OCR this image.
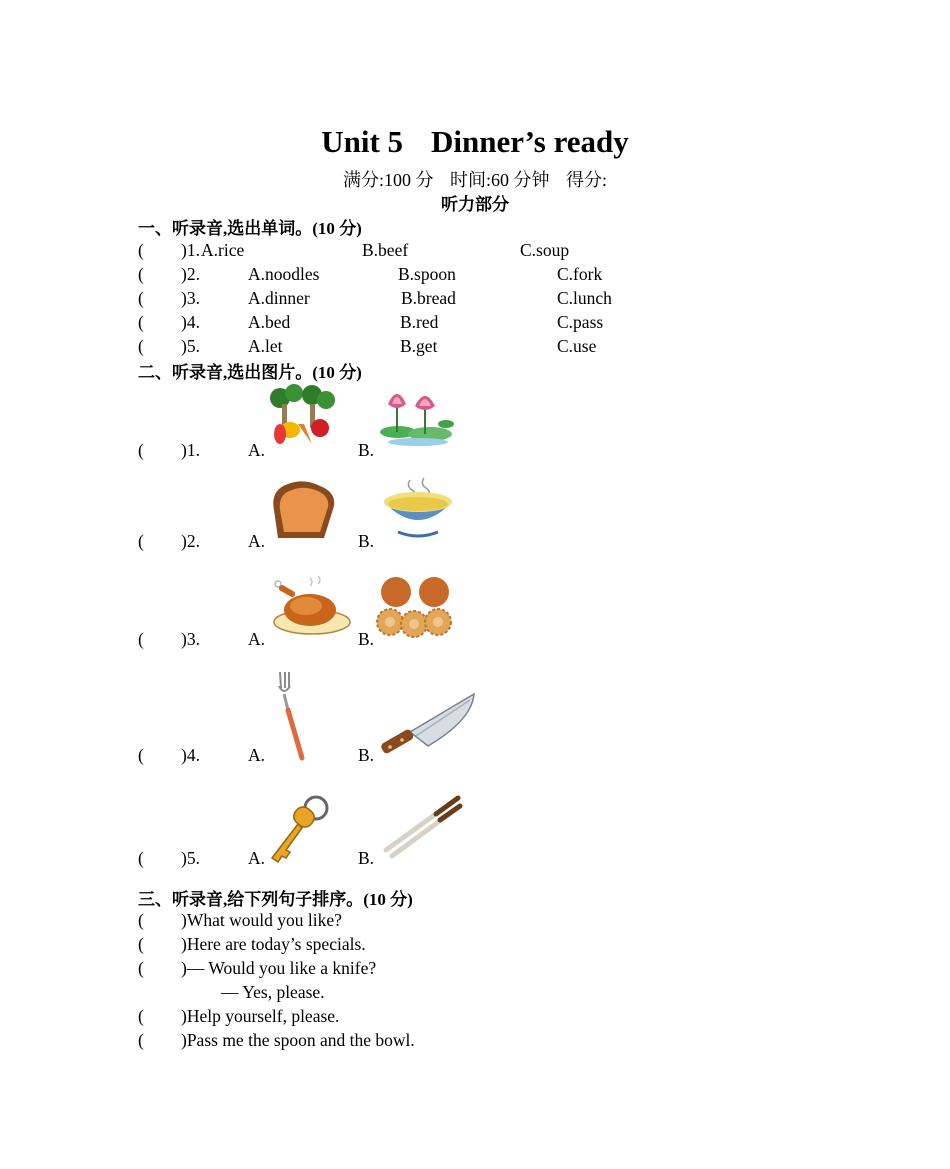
Unit 5 Dinner’s ready
满分:100 分 时间:60 分钟 得分:
听力部分
一、听录音,选出单词。(10 分)
( )1. A.rice	B.beef	C.soup
( )2.	A.noodles	B.spoon	C.fork
( )3.	A.dinner	B.bread	C.lunch
( )4.	A.bed	B.red	C.pass
( )5.	A.let	B.get	C.use
二、听录音,选出图片。(10 分)
( )1.	A.	B.
( )2.	A.	B.
( )3.	A.	B.
( )4.	A.	B.
( )5.	A.	B.
三、听录音,给下列句子排序。(10 分)
( )What would you like?
( )Here are today’s specials.
( )— Would you like a knife?
— Yes, please.
( )Help yourself, please.
( )Pass me the spoon and the bowl.
